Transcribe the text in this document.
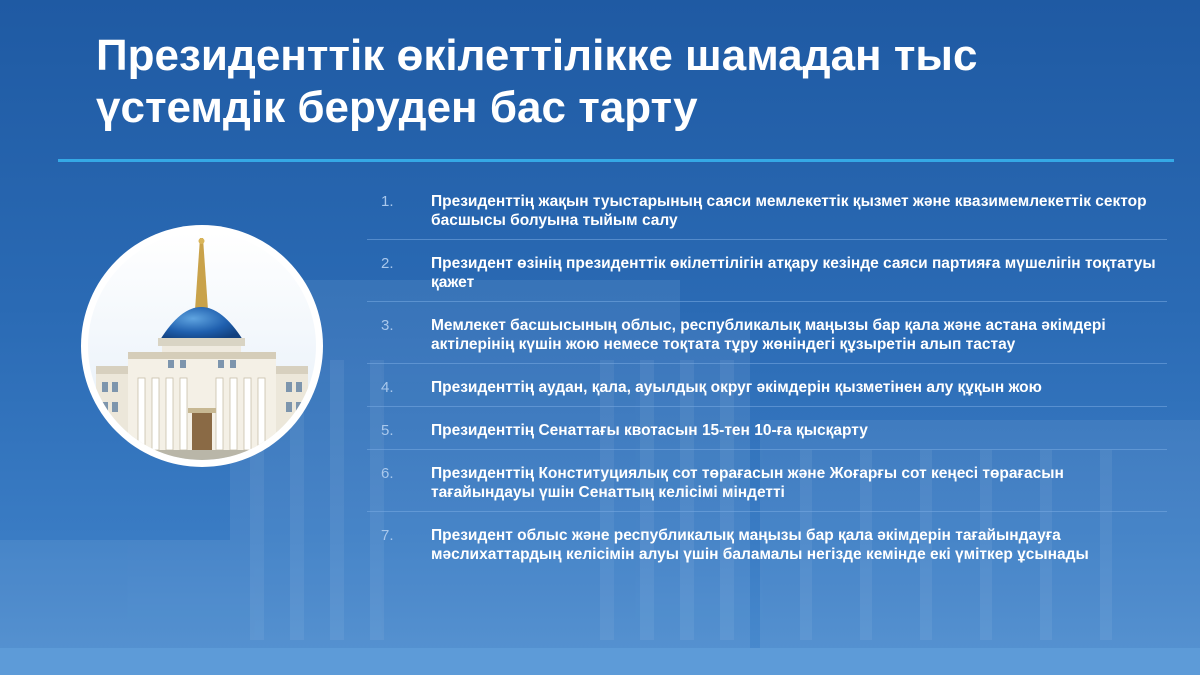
Президенттік өкілеттілікке шамадан тыс
үстемдік беруден бас тарту
1.	Президенттің жақын туыстарының саяси мемлекеттік қызмет және квазимемлекеттік сектор басшысы болуына тыйым салу
2.	Президент өзінің президенттік өкілеттілігін атқару кезінде саяси партияға мүшелігін тоқтатуы қажет
3.	Мемлекет басшысының облыс, республикалық маңызы бар қала және астана әкімдері актілерінің күшін жою немесе тоқтата тұру жөніндегі құзыретін алып тастау
4.	Президенттің аудан, қала, ауылдық округ әкімдерін қызметінен алу құқын жою
5.	Президенттің Сенаттағы квотасын 15-тен 10-ға қысқарту
6.	Президенттің Конституциялық сот төрағасын және Жоғарғы сот кеңесі төрағасын тағайындауы үшін Сенаттың келісімі міндетті
7.	Президент облыс және республикалық маңызы бар қала әкімдерін тағайындауға мәслихаттардың келісімін алуы үшін баламалы негізде кемінде екі үміткер ұсынады
